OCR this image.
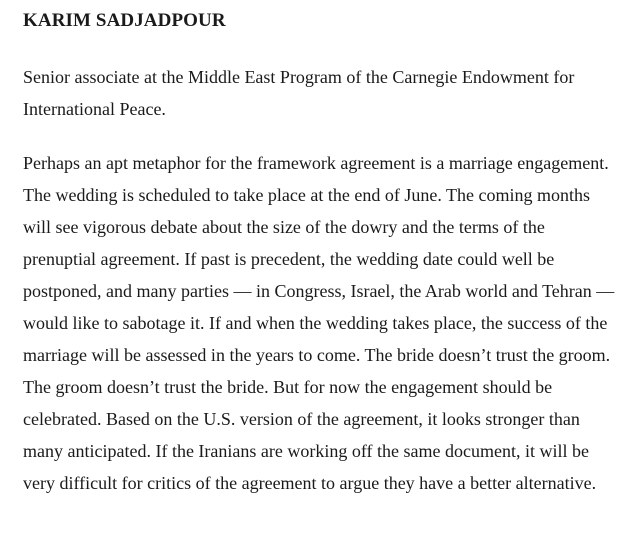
KARIM SADJADPOUR

Senior associate at the Middle East Program of the Carnegie Endowment for International Peace.

Perhaps an apt metaphor for the framework agreement is a marriage engagement. The wedding is scheduled to take place at the end of June. The coming months will see vigorous debate about the size of the dowry and the terms of the prenuptial agreement. If past is precedent, the wedding date could well be postponed, and many parties — in Congress, Israel, the Arab world and Tehran — would like to sabotage it. If and when the wedding takes place, the success of the marriage will be assessed in the years to come. The bride doesn’t trust the groom. The groom doesn’t trust the bride. But for now the engagement should be celebrated. Based on the U.S. version of the agreement, it looks stronger than many anticipated. If the Iranians are working off the same document, it will be very difficult for critics of the agreement to argue they have a better alternative.
